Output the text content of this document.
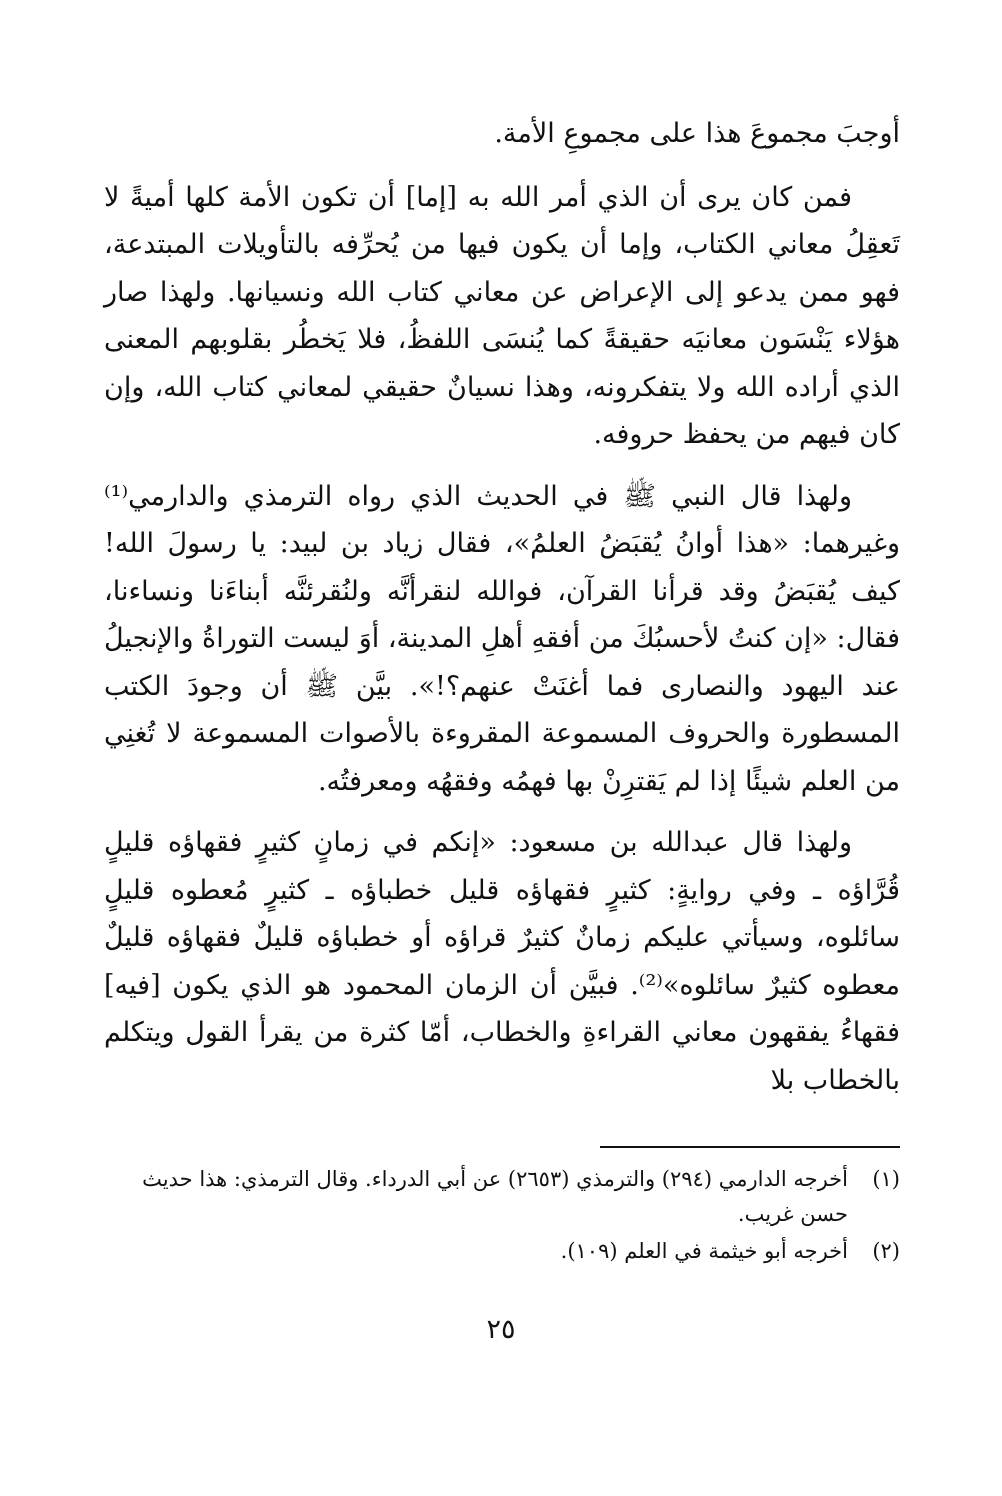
أوجبَ مجموعَ هذا على مجموعِ الأمة.

فمن كان يرى أن الذي أمر الله به [إما] أن تكون الأمة كلها أميةً لا تَعقِلُ معاني الكتاب، وإما أن يكون فيها من يُحرِّفه بالتأويلات المبتدعة، فهو ممن يدعو إلى الإعراض عن معاني كتاب الله ونسيانها. ولهذا صار هؤلاء يَنْسَون معانيَه حقيقةً كما يُنسَى اللفظُ، فلا يَخطُر بقلوبهم المعنى الذي أراده الله ولا يتفكرونه، وهذا نسيانٌ حقيقي لمعاني كتاب الله، وإن كان فيهم من يحفظ حروفه.

ولهذا قال النبي ﷺ في الحديث الذي رواه الترمذي والدارمي⁽¹⁾ وغيرهما: «هذا أوانُ يُقبَضُ العلمُ»، فقال زياد بن لبيد: يا رسولَ الله! كيف يُقبَضُ وقد قرأنا القرآن، فوالله لنقرأنَّه ولنُقرئنَّه أبناءَنا ونساءنا، فقال: «إن كنتُ لأحسبُكَ من أفقهِ أهلِ المدينة، أوَ ليست التوراةُ والإنجيلُ عند اليهود والنصارى فما أغنَتْ عنهم؟!». بيَّن ﷺ أن وجودَ الكتب المسطورة والحروف المسموعة المقروءة بالأصوات المسموعة لا تُغنِي من العلم شيئًا إذا لم يَقترِنْ بها فهمُه وفقهُه ومعرفتُه.

ولهذا قال عبدالله بن مسعود: «إنكم في زمانٍ كثيرٍ فقهاؤه قليلٍ قُرَّاؤه ـ وفي روايةٍ: كثيرٍ فقهاؤه قليل خطباؤه ـ كثيرٍ مُعطوه قليلٍ سائلوه، وسيأتي عليكم زمانٌ كثيرٌ قراؤه أو خطباؤه قليلٌ فقهاؤه قليلٌ معطوه كثيرٌ سائلوه»⁽²⁾. فبيَّن أن الزمان المحمود هو الذي يكون [فيه] فقهاءُ يفقهون معاني القراءةِ والخطاب، أمّا كثرة من يقرأ القول ويتكلم بالخطاب بلا

(١)
أخرجه الدارمي (٢٩٤) والترمذي (٢٦٥٣) عن أبي الدرداء. وقال الترمذي: هذا حديث حسن غريب.

(٢)
أخرجه أبو خيثمة في العلم (١٠٩).

٢٥
